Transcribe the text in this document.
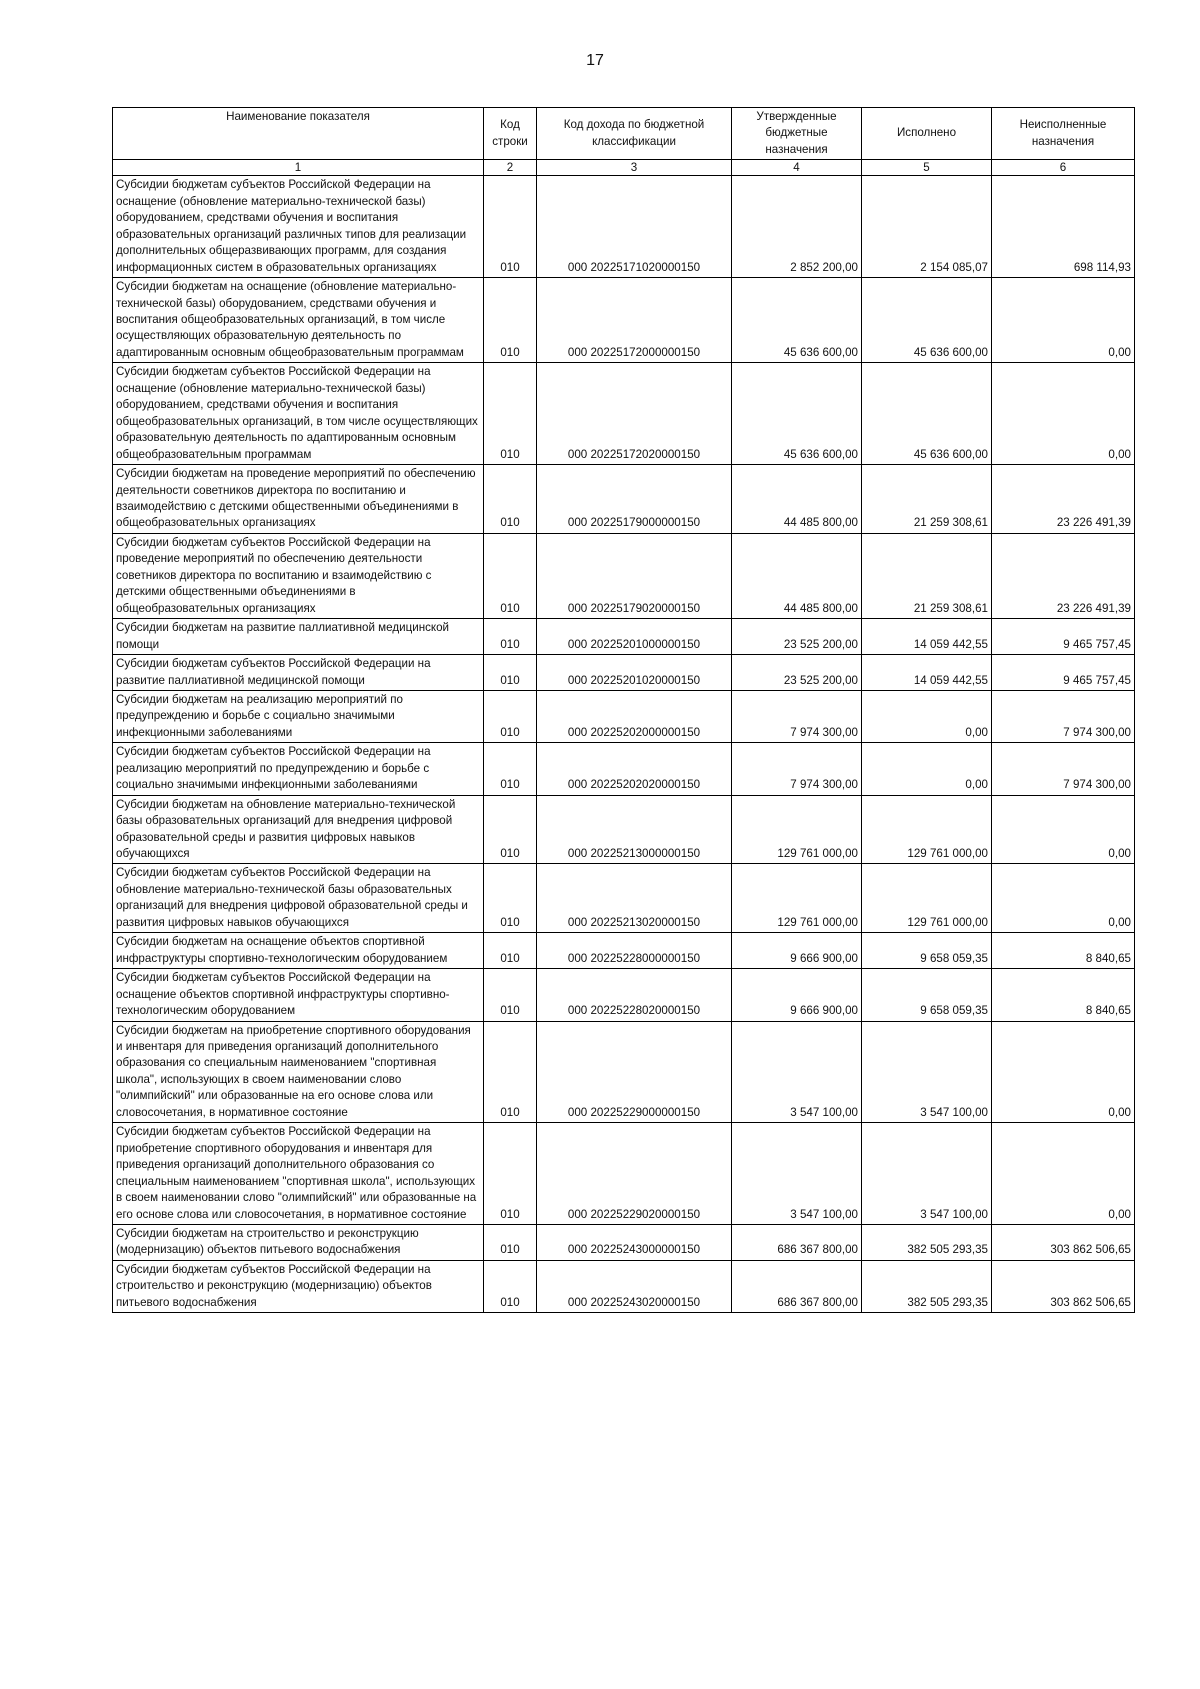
17
Наименование показателя	Код строки	Код дохода по бюджетной классификации	Утвержденные бюджетные назначения	Исполнено	Неисполненные назначения
1	2	3	4	5	6
Субсидии бюджетам субъектов Российской Федерации на оснащение (обновление материально-технической базы) оборудованием, средствами обучения и воспитания образовательных организаций различных типов для реализации дополнительных общеразвивающих программ, для создания информационных систем в образовательных организациях	010	000 20225171020000150	2 852 200,00	2 154 085,07	698 114,93
Субсидии бюджетам на оснащение (обновление материально-технической базы) оборудованием, средствами обучения и воспитания общеобразовательных организаций, в том числе осуществляющих образовательную деятельность по адаптированным основным общеобразовательным программам	010	000 20225172000000150	45 636 600,00	45 636 600,00	0,00
Субсидии бюджетам субъектов Российской Федерации на оснащение (обновление материально-технической базы) оборудованием, средствами обучения и воспитания общеобразовательных организаций, в том числе осуществляющих образовательную деятельность по адаптированным основным общеобразовательным программам	010	000 20225172020000150	45 636 600,00	45 636 600,00	0,00
Субсидии бюджетам на проведение мероприятий по обеспечению деятельности советников директора по воспитанию и взаимодействию с детскими общественными объединениями в общеобразовательных организациях	010	000 20225179000000150	44 485 800,00	21 259 308,61	23 226 491,39
Субсидии бюджетам субъектов Российской Федерации на проведение мероприятий по обеспечению деятельности советников директора по воспитанию и взаимодействию с детскими общественными объединениями в общеобразовательных организациях	010	000 20225179020000150	44 485 800,00	21 259 308,61	23 226 491,39
Субсидии бюджетам на развитие паллиативной медицинской помощи	010	000 20225201000000150	23 525 200,00	14 059 442,55	9 465 757,45
Субсидии бюджетам субъектов Российской Федерации на развитие паллиативной медицинской помощи	010	000 20225201020000150	23 525 200,00	14 059 442,55	9 465 757,45
Субсидии бюджетам на реализацию мероприятий по предупреждению и борьбе с социально значимыми инфекционными заболеваниями	010	000 20225202000000150	7 974 300,00	0,00	7 974 300,00
Субсидии бюджетам субъектов Российской Федерации на реализацию мероприятий по предупреждению и борьбе с социально значимыми инфекционными заболеваниями	010	000 20225202020000150	7 974 300,00	0,00	7 974 300,00
Субсидии бюджетам на обновление материально-технической базы образовательных организаций для внедрения цифровой образовательной среды и развития цифровых навыков обучающихся	010	000 20225213000000150	129 761 000,00	129 761 000,00	0,00
Субсидии бюджетам субъектов Российской Федерации на обновление материально-технической базы образовательных организаций для внедрения цифровой образовательной среды и развития цифровых навыков обучающихся	010	000 20225213020000150	129 761 000,00	129 761 000,00	0,00
Субсидии бюджетам на оснащение объектов спортивной инфраструктуры спортивно-технологическим оборудованием	010	000 20225228000000150	9 666 900,00	9 658 059,35	8 840,65
Субсидии бюджетам субъектов Российской Федерации на оснащение объектов спортивной инфраструктуры спортивно-технологическим оборудованием	010	000 20225228020000150	9 666 900,00	9 658 059,35	8 840,65
Субсидии бюджетам на приобретение спортивного оборудования и инвентаря для приведения организаций дополнительного образования со специальным наименованием "спортивная школа", использующих в своем наименовании слово "олимпийский" или образованные на его основе слова или словосочетания, в нормативное состояние	010	000 20225229000000150	3 547 100,00	3 547 100,00	0,00
Субсидии бюджетам субъектов Российской Федерации на приобретение спортивного оборудования и инвентаря для приведения организаций дополнительного образования со специальным наименованием "спортивная школа", использующих в своем наименовании слово "олимпийский" или образованные на его основе слова или словосочетания, в нормативное состояние	010	000 20225229020000150	3 547 100,00	3 547 100,00	0,00
Субсидии бюджетам на строительство и реконструкцию (модернизацию) объектов питьевого водоснабжения	010	000 20225243000000150	686 367 800,00	382 505 293,35	303 862 506,65
Субсидии бюджетам субъектов Российской Федерации на строительство и реконструкцию (модернизацию) объектов питьевого водоснабжения	010	000 20225243020000150	686 367 800,00	382 505 293,35	303 862 506,65
